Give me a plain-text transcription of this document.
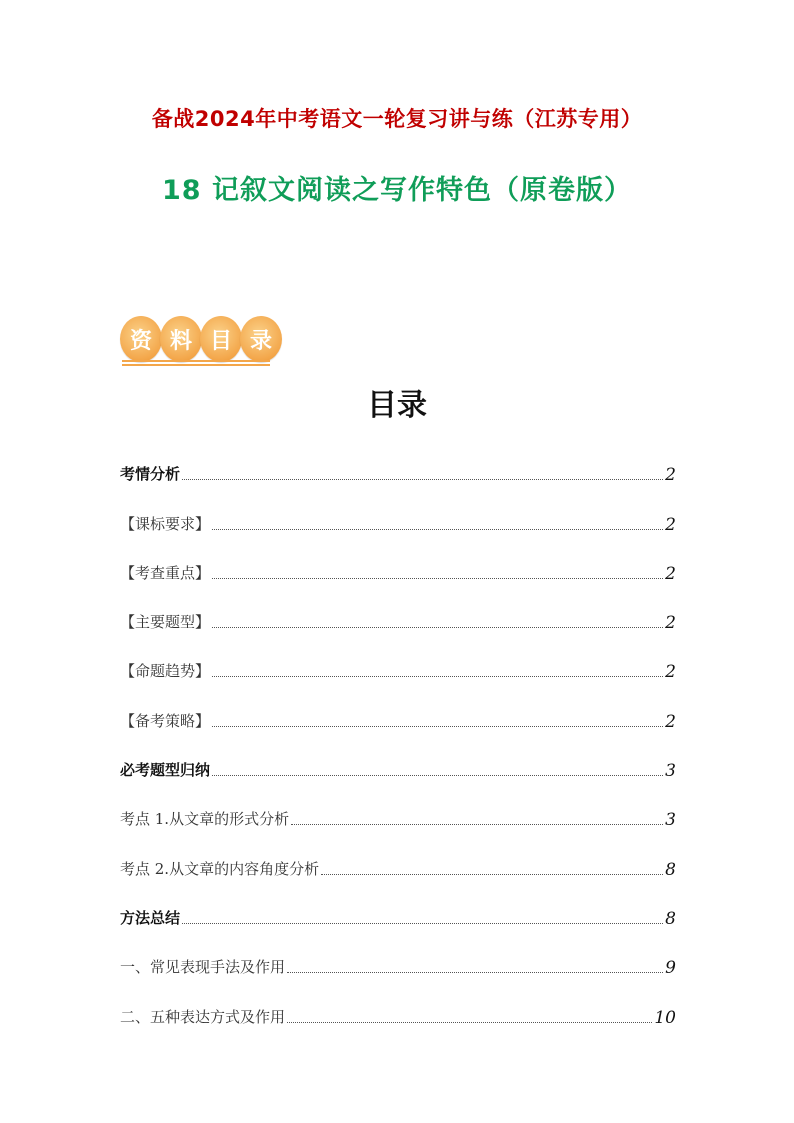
备战2024年中考语文一轮复习讲与练（江苏专用）
18 记叙文阅读之写作特色（原卷版）
资 料 目 录
目录
考情分析	2
【课标要求】	2
【考查重点】	2
【主要题型】	2
【命题趋势】	2
【备考策略】	2
必考题型归纳	3
考点 1.从文章的形式分析	3
考点 2.从文章的内容角度分析	8
方法总结	8
一、常见表现手法及作用	9
二、五种表达方式及作用	10
